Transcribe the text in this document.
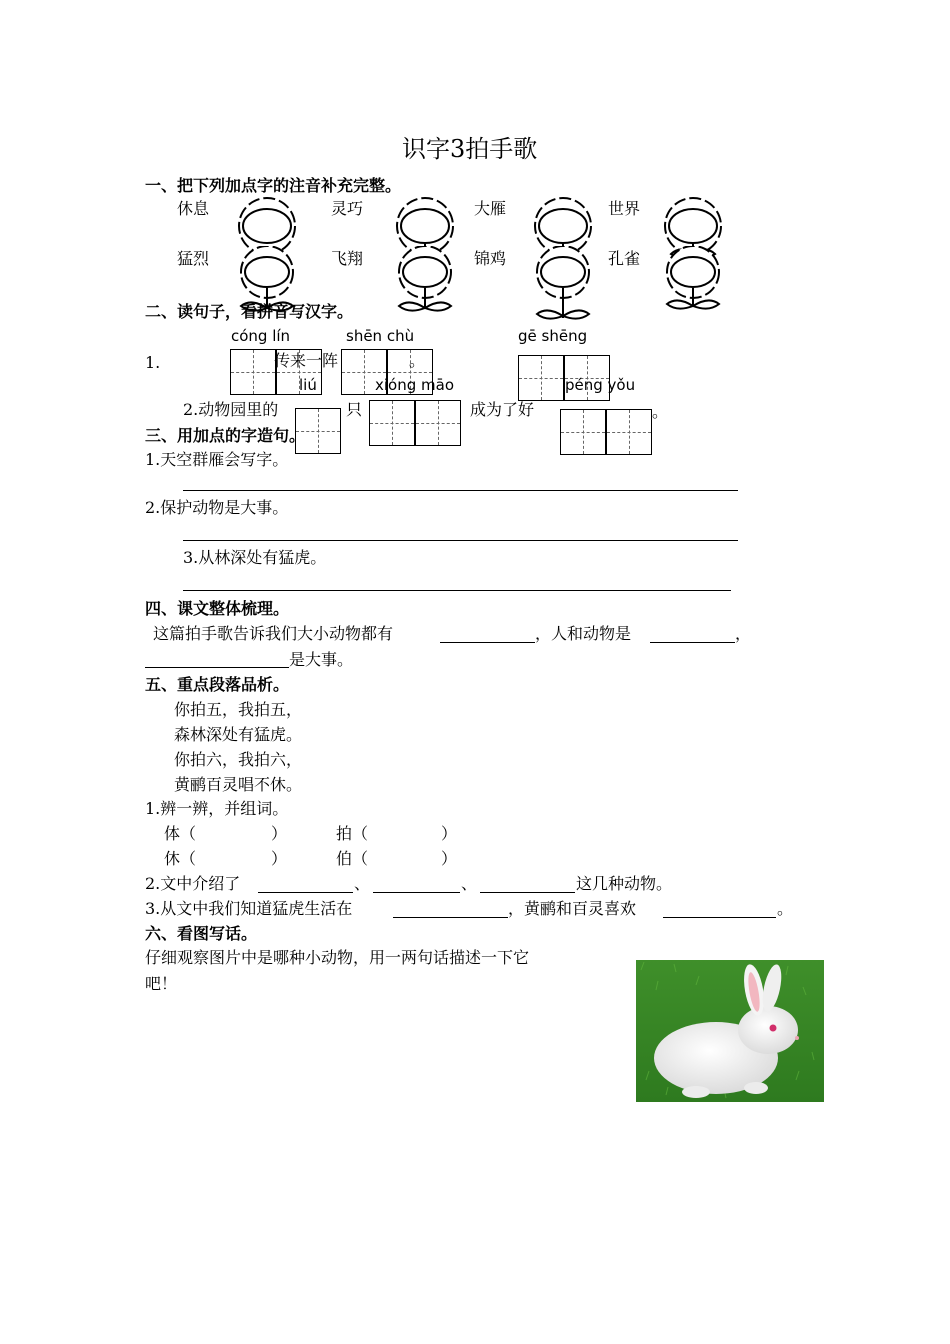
识字3拍手歌
一、把下列加点字的注音补充完整。
休息	灵巧	大雁	世界
猛烈	飞翔	锦鸡	孔雀
二、读句子，看拼音写汉字。
cóng lín	shēn chù	gē shēng
1.	传来一阵	。
liú	xióng māo	péng yǒu
2.动物园里的	只	成为了好	。
三、用加点的字造句。
1.天空群雁会写字。
2.保护动物是大事。
3.从林深处有猛虎。
四、课文整体梳理。
这篇拍手歌告诉我们大小动物都有	，人和动物是	，
是大事。
五、重点段落品析。
你拍五，我拍五，
森林深处有猛虎。
你拍六，我拍六，
黄鹂百灵唱不休。
1.辨一辨，并组词。
体（	）	拍（	）
休（	）	伯（	）
2.文中介绍了	、	、	这几种动物。
3.从文中我们知道猛虎生活在	，黄鹂和百灵喜欢	。
六、看图写话。
仔细观察图片中是哪种小动物，用一两句话描述一下它
吧！
